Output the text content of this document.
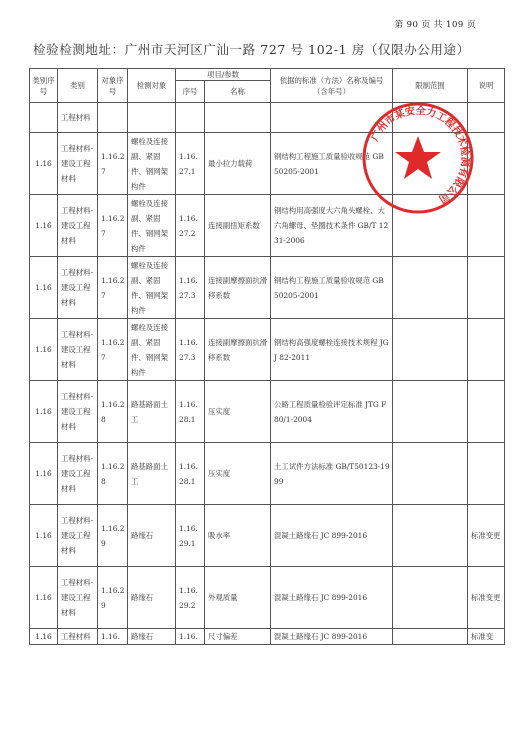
第 90 页 共 109 页
检验检测地址：广州市天河区广汕一路 727 号 102-1 房（仅限办公用途）
类别序号	类别	对象序号	检测对象	项目/参数		依据的标准（方法）名称及编号（含年号）	限制范围	说明
				序号	名称			
	工程材料							
1.16	工程材料-建设工程材料	1.16.27	螺栓及连接副、紧固件、钢网架构件	1.16.27.1	最小拉力载荷	钢结构工程施工质量验收规范 GB 50205-2001		
1.16	工程材料-建设工程材料	1.16.27	螺栓及连接副、紧固件、钢网架构件	1.16.27.2	连接副扭矩系数	钢结构用高强度大六角头螺栓、大六角螺母、垫圈技术条件 GB/T 1231-2006		
1.16	工程材料-建设工程材料	1.16.27	螺栓及连接副、紧固件、钢网架构件	1.16.27.3	连接副摩擦面抗滑移系数	钢结构工程施工质量验收规范 GB 50205-2001		
1.16	工程材料-建设工程材料	1.16.27	螺栓及连接副、紧固件、钢网架构件	1.16.27.3	连接副摩擦面抗滑移系数	钢结构高强度螺栓连接技术规程 JGJ 82-2011		
1.16	工程材料-建设工程材料	1.16.28	路基路面土工	1.16.28.1	压实度	公路工程质量检验评定标准 JTG F80/1-2004		
1.16	工程材料-建设工程材料	1.16.28	路基路面土工	1.16.28.1	压实度	土工试件方法标准 GB/T50123-1999		
1.16	工程材料-建设工程材料	1.16.29	路缘石	1.16.29.1	吸水率	混凝土路缘石 JC 899-2016		标准变更
1.16	工程材料-建设工程材料	1.16.29	路缘石	1.16.29.2	外观质量	混凝土路缘石 JC 899-2016		标准变更
1.16	工程材料	1.16.	路缘石	1.16.	尺寸偏差	混凝土路缘石 JC 899-2016		标准变
广州市某安全力工程技术检测有限公司
